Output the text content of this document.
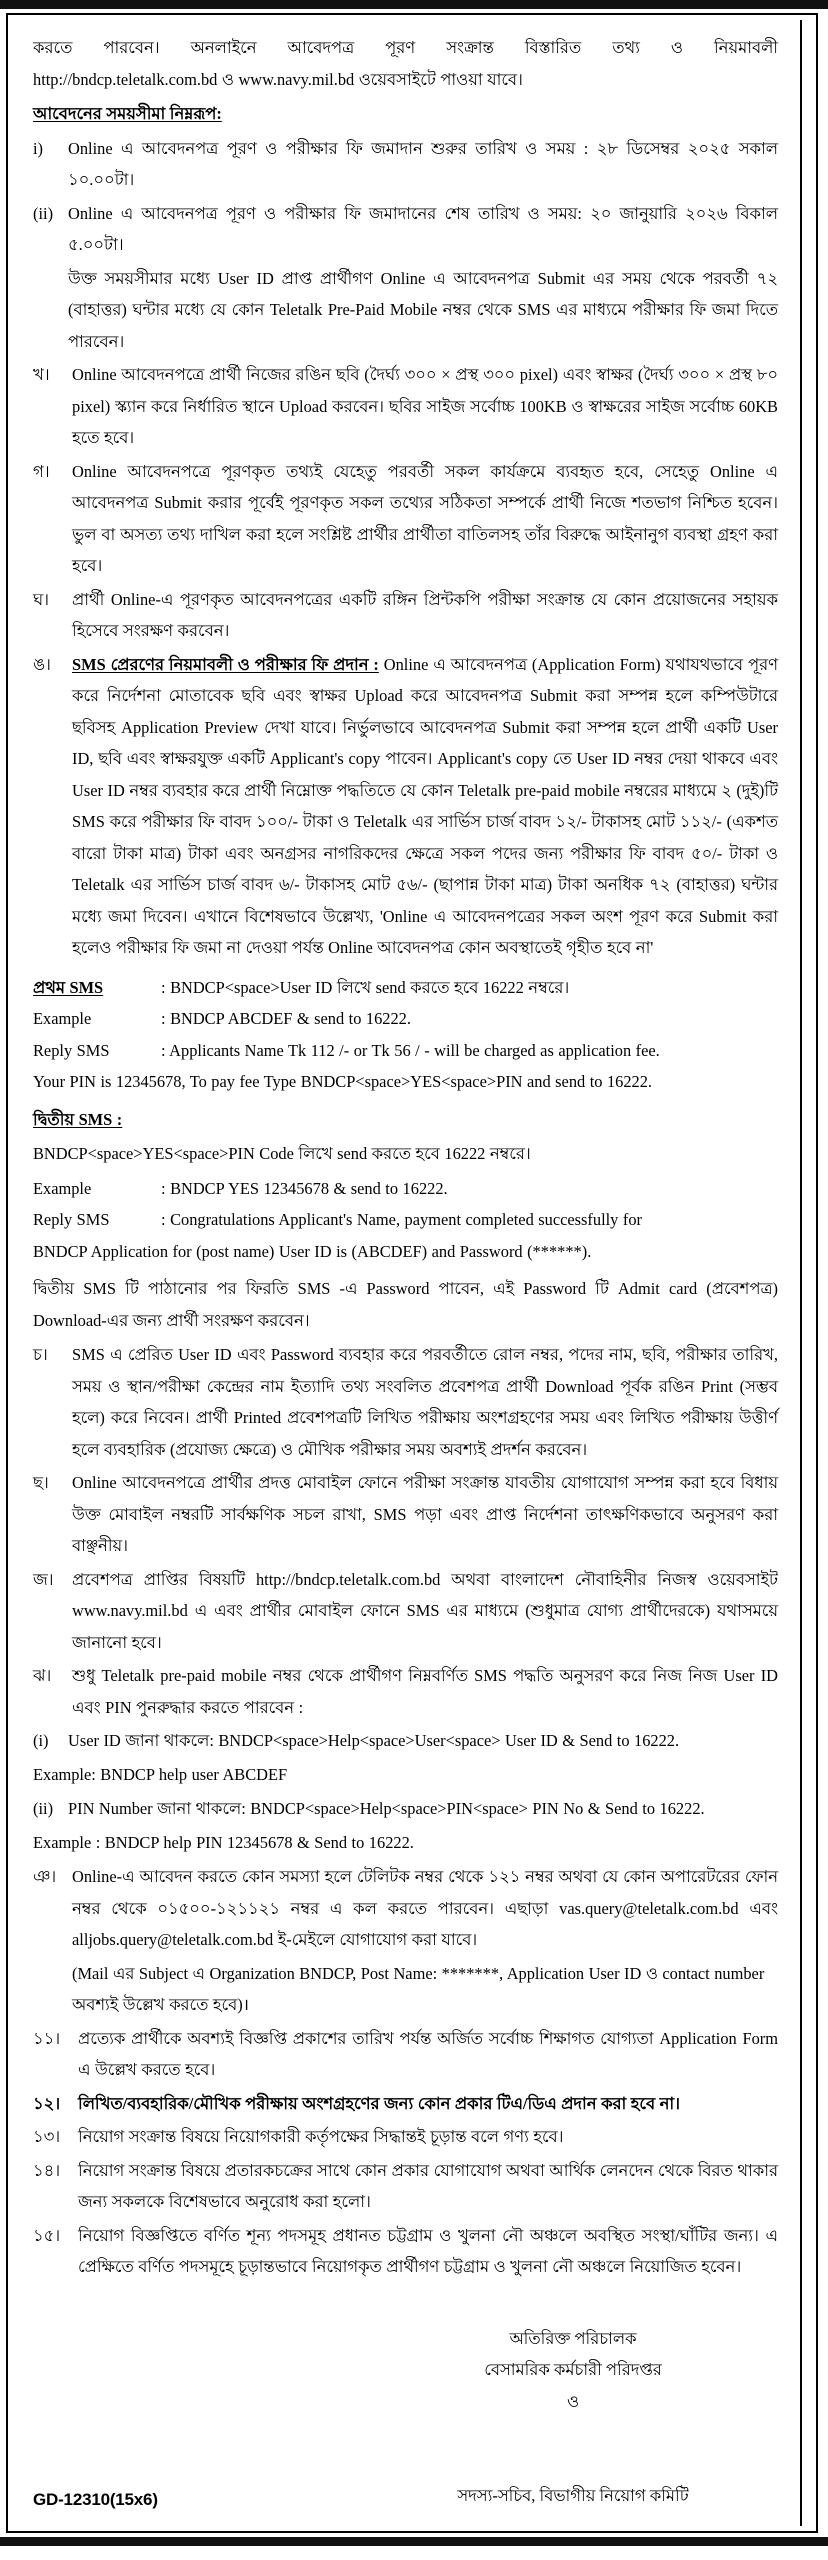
করতে পারবেন। অনলাইনে আবেদপত্র পূরণ সংক্রান্ত বিস্তারিত তথ্য ও নিয়মাবলী
http://bndcp.teletalk.com.bd ও www.navy.mil.bd ওয়েবসাইটে পাওয়া যাবে।
আবেদনের সময়সীমা নিম্নরূপ:
i)	Online এ আবেদনপত্র পূরণ ও পরীক্ষার ফি জমাদান শুরুর তারিখ ও সময় : ২৮ ডিসেম্বর ২০২৫ সকাল ১০.০০টা।
(ii) Online এ আবেদনপত্র পূরণ ও পরীক্ষার ফি জমাদানের শেষ তারিখ ও সময়: ২০ জানুয়ারি ২০২৬ বিকাল ৫.০০টা।
উক্ত সময়সীমার মধ্যে User ID প্রাপ্ত প্রার্থীগণ Online এ আবেদনপত্র Submit এর সময় থেকে পরবর্তী ৭২ (বাহাত্তর) ঘন্টার মধ্যে যে কোন Teletalk Pre-Paid Mobile নম্বর থেকে SMS এর মাধ্যমে পরীক্ষার ফি জমা দিতে পারবেন।
খ।	Online আবেদনপত্রে প্রার্থী নিজের রঙিন ছবি (দৈর্ঘ্য ৩০০ × প্রস্থ ৩০০ pixel) এবং স্বাক্ষর (দৈর্ঘ্য ৩০০ × প্রস্থ ৮০ pixel) স্ক্যান করে নির্ধারিত স্থানে Upload করবেন। ছবির সাইজ সর্বোচ্চ 100KB ও স্বাক্ষরের সাইজ সর্বোচ্চ 60KB হতে হবে।
গ।	Online আবেদনপত্রে পূরণকৃত তথ্যই যেহেতু পরবর্তী সকল কার্যক্রমে ব্যবহৃত হবে, সেহেতু Online এ আবেদনপত্র Submit করার পূর্বেই পূরণকৃত সকল তথ্যের সঠিকতা সম্পর্কে প্রার্থী নিজে শতভাগ নিশ্চিত হবেন। ভুল বা অসত্য তথ্য দাখিল করা হলে সংশ্লিষ্ট প্রার্থীর প্রার্থীতা বাতিলসহ তাঁর বিরুদ্ধে আইনানুগ ব্যবস্থা গ্রহণ করা হবে।
ঘ।	প্রার্থী Online-এ পূরণকৃত আবেদনপত্রের একটি রঙ্গিন প্রিন্টকপি পরীক্ষা সংক্রান্ত যে কোন প্রয়োজনের সহায়ক হিসেবে সংরক্ষণ করবেন।
ঙ।	SMS প্রেরণের নিয়মাবলী ও পরীক্ষার ফি প্রদান : Online এ আবেদনপত্র (Application Form) যথাযথভাবে পূরণ করে নির্দেশনা মোতাবেক ছবি এবং স্বাক্ষর Upload করে আবেদনপত্র Submit করা সম্পন্ন হলে কম্পিউটারে ছবিসহ Application Preview দেখা যাবে। নির্ভুলভাবে আবেদনপত্র Submit করা সম্পন্ন হলে প্রার্থী একটি User ID, ছবি এবং স্বাক্ষরযুক্ত একটি Applicant's copy পাবেন। Applicant's copy তে User ID নম্বর দেয়া থাকবে এবং User ID নম্বর ব্যবহার করে প্রার্থী নিম্নোক্ত পদ্ধতিতে যে কোন Teletalk pre-paid mobile নম্বরের মাধ্যমে ২ (দুই)টি SMS করে পরীক্ষার ফি বাবদ ১০০/- টাকা ও Teletalk এর সার্ভিস চার্জ বাবদ ১২/- টাকাসহ মোট ১১২/- (একশত বারো টাকা মাত্র) টাকা এবং অনগ্রসর নাগরিকদের ক্ষেত্রে সকল পদের জন্য পরীক্ষার ফি বাবদ ৫০/- টাকা ও Teletalk এর সার্ভিস চার্জ বাবদ ৬/- টাকাসহ মোট ৫৬/- (ছাপান্ন টাকা মাত্র) টাকা অনধিক ৭২ (বাহাত্তর) ঘন্টার মধ্যে জমা দিবেন। এখানে বিশেষভাবে উল্লেখ্য, 'Online এ আবেদনপত্রের সকল অংশ পূরণ করে Submit করা হলেও পরীক্ষার ফি জমা না দেওয়া পর্যন্ত Online আবেদনপত্র কোন অবস্থাতেই গৃহীত হবে না'
প্রথম SMS	: BNDCP<space>User ID লিখে send করতে হবে 16222 নম্বরে।
Example	: BNDCP ABCDEF & send to 16222.
Reply SMS	: Applicants Name Tk 112 /- or Tk 56 / - will be charged as application fee.
Your PIN is 12345678, To pay fee Type BNDCP<space>YES<space>PIN and send to 16222.
দ্বিতীয় SMS :
BNDCP<space>YES<space>PIN Code লিখে send করতে হবে 16222 নম্বরে।
Example	: BNDCP YES 12345678 & send to 16222.
Reply SMS	: Congratulations Applicant's Name, payment completed successfully for
BNDCP Application for (post name) User ID is (ABCDEF) and Password (******).
দ্বিতীয় SMS টি পাঠানোর পর ফিরতি SMS -এ Password পাবেন, এই Password টি Admit card (প্রবেশপত্র) Download-এর জন্য প্রার্থী সংরক্ষণ করবেন।
চ।	SMS এ প্রেরিত User ID এবং Password ব্যবহার করে পরবর্তীতে রোল নম্বর, পদের নাম, ছবি, পরীক্ষার তারিখ, সময় ও স্থান/পরীক্ষা কেন্দ্রের নাম ইত্যাদি তথ্য সংবলিত প্রবেশপত্র প্রার্থী Download পূর্বক রঙিন Print (সম্ভব হলে) করে নিবেন। প্রার্থী Printed প্রবেশপত্রটি লিখিত পরীক্ষায় অংশগ্রহণের সময় এবং লিখিত পরীক্ষায় উত্তীর্ণ হলে ব্যবহারিক (প্রযোজ্য ক্ষেত্রে) ও মৌখিক পরীক্ষার সময় অবশ্যই প্রদর্শন করবেন।
ছ।	Online আবেদনপত্রে প্রার্থীর প্রদত্ত মোবাইল ফোনে পরীক্ষা সংক্রান্ত যাবতীয় যোগাযোগ সম্পন্ন করা হবে বিধায় উক্ত মোবাইল নম্বরটি সার্বক্ষণিক সচল রাখা, SMS পড়া এবং প্রাপ্ত নির্দেশনা তাৎক্ষণিকভাবে অনুসরণ করা বাঞ্ছনীয়।
জ।	প্রবেশপত্র প্রাপ্তির বিষয়টি http://bndcp.teletalk.com.bd অথবা বাংলাদেশ নৌবাহিনীর নিজস্ব ওয়েবসাইট www.navy.mil.bd এ এবং প্রার্থীর মোবাইল ফোনে SMS এর মাধ্যমে (শুধুমাত্র যোগ্য প্রার্থীদেরকে) যথাসময়ে জানানো হবে।
ঝ।	শুধু Teletalk pre-paid mobile নম্বর থেকে প্রার্থীগণ নিম্নবর্ণিত SMS পদ্ধতি অনুসরণ করে নিজ নিজ User ID এবং PIN পুনরুদ্ধার করতে পারবেন :
(i)	User ID জানা থাকলে: BNDCP<space>Help<space>User<space> User ID & Send to 16222.
Example: BNDCP help user ABCDEF
(ii) PIN Number জানা থাকলে: BNDCP<space>Help<space>PIN<space> PIN No & Send to 16222.
Example : BNDCP help PIN 12345678 & Send to 16222.
ঞ। Online-এ আবেদন করতে কোন সমস্যা হলে টেলিটক নম্বর থেকে ১২১ নম্বর অথবা যে কোন অপারেটরের ফোন নম্বর থেকে ০১৫০০-১২১১২১ নম্বর এ কল করতে পারবেন। এছাড়া vas.query@teletalk.com.bd এবং alljobs.query@teletalk.com.bd ই-মেইলে যোগাযোগ করা যাবে।
(Mail এর Subject এ Organization BNDCP, Post Name: *******, Application User ID ও contact number অবশ্যই উল্লেখ করতে হবে)।
১১।	প্রত্যেক প্রার্থীকে অবশ্যই বিজ্ঞপ্তি প্রকাশের তারিখ পর্যন্ত অর্জিত সর্বোচ্চ শিক্ষাগত যোগ্যতা Application Form এ উল্লেখ করতে হবে।
১২।	লিখিত/ব্যবহারিক/মৌখিক পরীক্ষায় অংশগ্রহণের জন্য কোন প্রকার টিএ/ডিএ প্রদান করা হবে না।
১৩।	নিয়োগ সংক্রান্ত বিষয়ে নিয়োগকারী কর্তৃপক্ষের সিদ্ধান্তই চূড়ান্ত বলে গণ্য হবে।
১৪।	নিয়োগ সংক্রান্ত বিষয়ে প্রতারকচক্রের সাথে কোন প্রকার যোগাযোগ অথবা আর্থিক লেনদেন থেকে বিরত থাকার জন্য সকলকে বিশেষভাবে অনুরোধ করা হলো।
১৫।	নিয়োগ বিজ্ঞপ্তিতে বর্ণিত শূন্য পদসমূহ প্রধানত চট্টগ্রাম ও খুলনা নৌ অঞ্চলে অবস্থিত সংস্থা/ঘাঁটির জন্য। এ প্রেক্ষিতে বর্ণিত পদসমূহে চূড়ান্তভাবে নিয়োগকৃত প্রার্থীগণ চট্টগ্রাম ও খুলনা নৌ অঞ্চলে নিয়োজিত হবেন।
অতিরিক্ত পরিচালক
বেসামরিক কর্মচারী পরিদপ্তর
ও
GD-12310(15x6)	সদস্য-সচিব, বিভাগীয় নিয়োগ কমিটি
